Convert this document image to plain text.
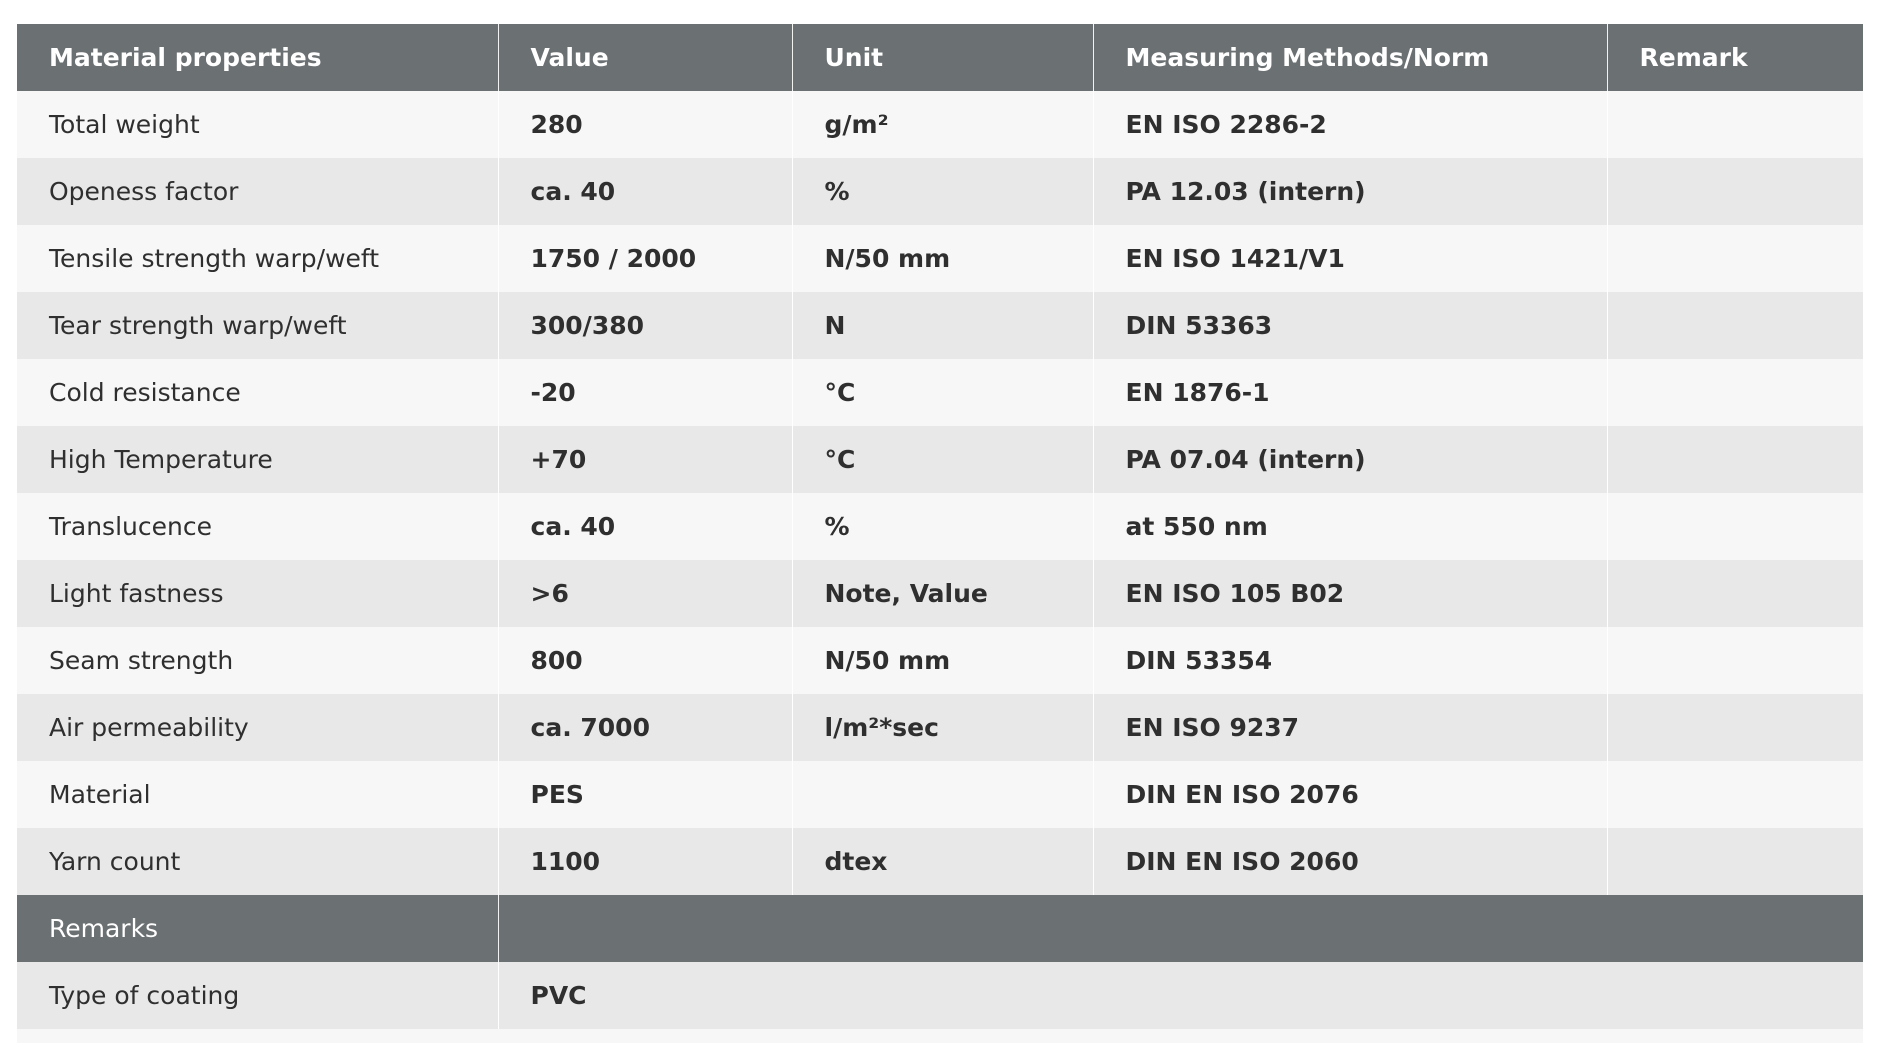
Material properties	Value	Unit	Measuring Methods/Norm	Remark
Total weight	280	g/m²	EN ISO 2286-2	
Openess factor	ca. 40	%	PA 12.03 (intern)	
Tensile strength warp/weft	1750 / 2000	N/50 mm	EN ISO 1421/V1	
Tear strength warp/weft	300/380	N	DIN 53363	
Cold resistance	-20	°C	EN 1876-1	
High Temperature	+70	°C	PA 07.04 (intern)	
Translucence	ca. 40	%	at 550 nm	
Light fastness	>6	Note, Value	EN ISO 105 B02	
Seam strength	800	N/50 mm	DIN 53354	
Air permeability	ca. 7000	l/m²*sec	EN ISO 9237	
Material	PES		DIN EN ISO 2076	
Yarn count	1100	dtex	DIN EN ISO 2060	
Remarks				
Type of coating	PVC			
